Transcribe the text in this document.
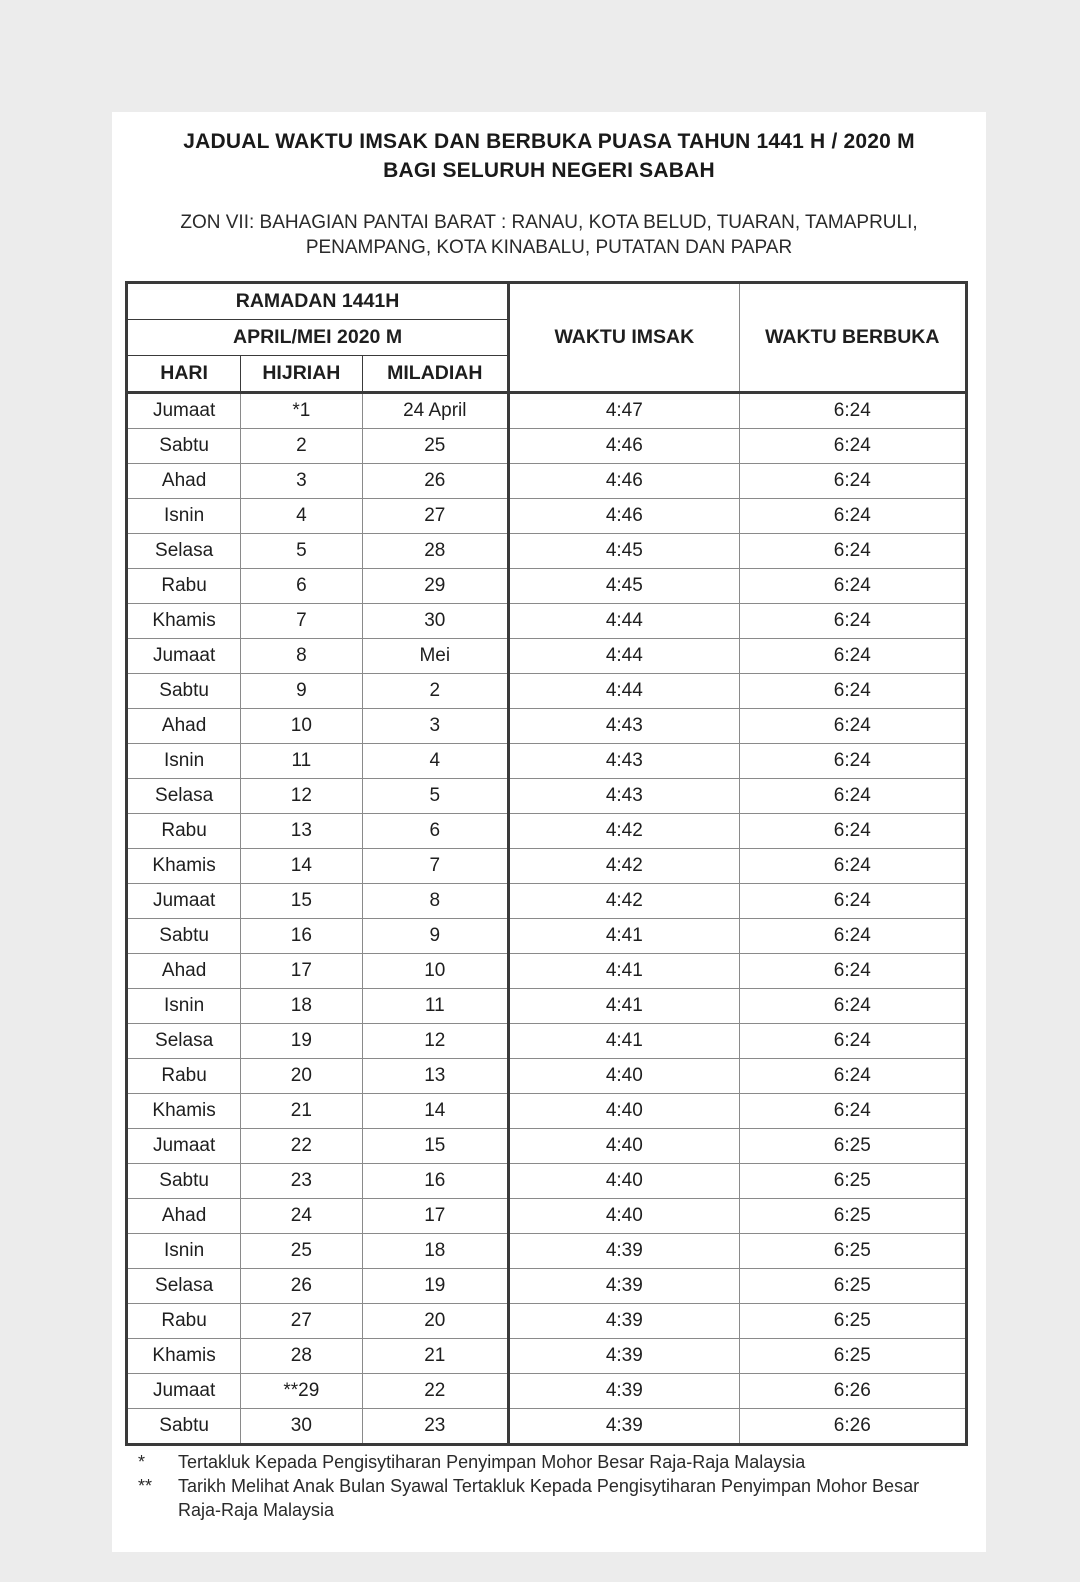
JADUAL WAKTU IMSAK DAN BERBUKA PUASA TAHUN 1441 H / 2020 M
BAGI SELURUH NEGERI SABAH
ZON VII: BAHAGIAN PANTAI BARAT : RANAU, KOTA BELUD, TUARAN, TAMAPRULI,
PENAMPANG, KOTA KINABALU, PUTATAN DAN PAPAR
RAMADAN 1441H			WAKTU IMSAK	WAKTU BERBUKA
APRIL/MEI 2020 M				
HARI	HIJRIAH	MILADIAH		
Jumaat	*1	24 April	4:47	6:24
Sabtu	2	25	4:46	6:24
Ahad	3	26	4:46	6:24
Isnin	4	27	4:46	6:24
Selasa	5	28	4:45	6:24
Rabu	6	29	4:45	6:24
Khamis	7	30	4:44	6:24
Jumaat	8	Mei	4:44	6:24
Sabtu	9	2	4:44	6:24
Ahad	10	3	4:43	6:24
Isnin	11	4	4:43	6:24
Selasa	12	5	4:43	6:24
Rabu	13	6	4:42	6:24
Khamis	14	7	4:42	6:24
Jumaat	15	8	4:42	6:24
Sabtu	16	9	4:41	6:24
Ahad	17	10	4:41	6:24
Isnin	18	11	4:41	6:24
Selasa	19	12	4:41	6:24
Rabu	20	13	4:40	6:24
Khamis	21	14	4:40	6:24
Jumaat	22	15	4:40	6:25
Sabtu	23	16	4:40	6:25
Ahad	24	17	4:40	6:25
Isnin	25	18	4:39	6:25
Selasa	26	19	4:39	6:25
Rabu	27	20	4:39	6:25
Khamis	28	21	4:39	6:25
Jumaat	**29	22	4:39	6:26
Sabtu	30	23	4:39	6:26
*	Tertakluk Kepada Pengisytiharan Penyimpan Mohor Besar Raja-Raja Malaysia
**	Tarikh Melihat Anak Bulan Syawal Tertakluk Kepada Pengisytiharan Penyimpan Mohor Besar Raja-Raja Malaysia
